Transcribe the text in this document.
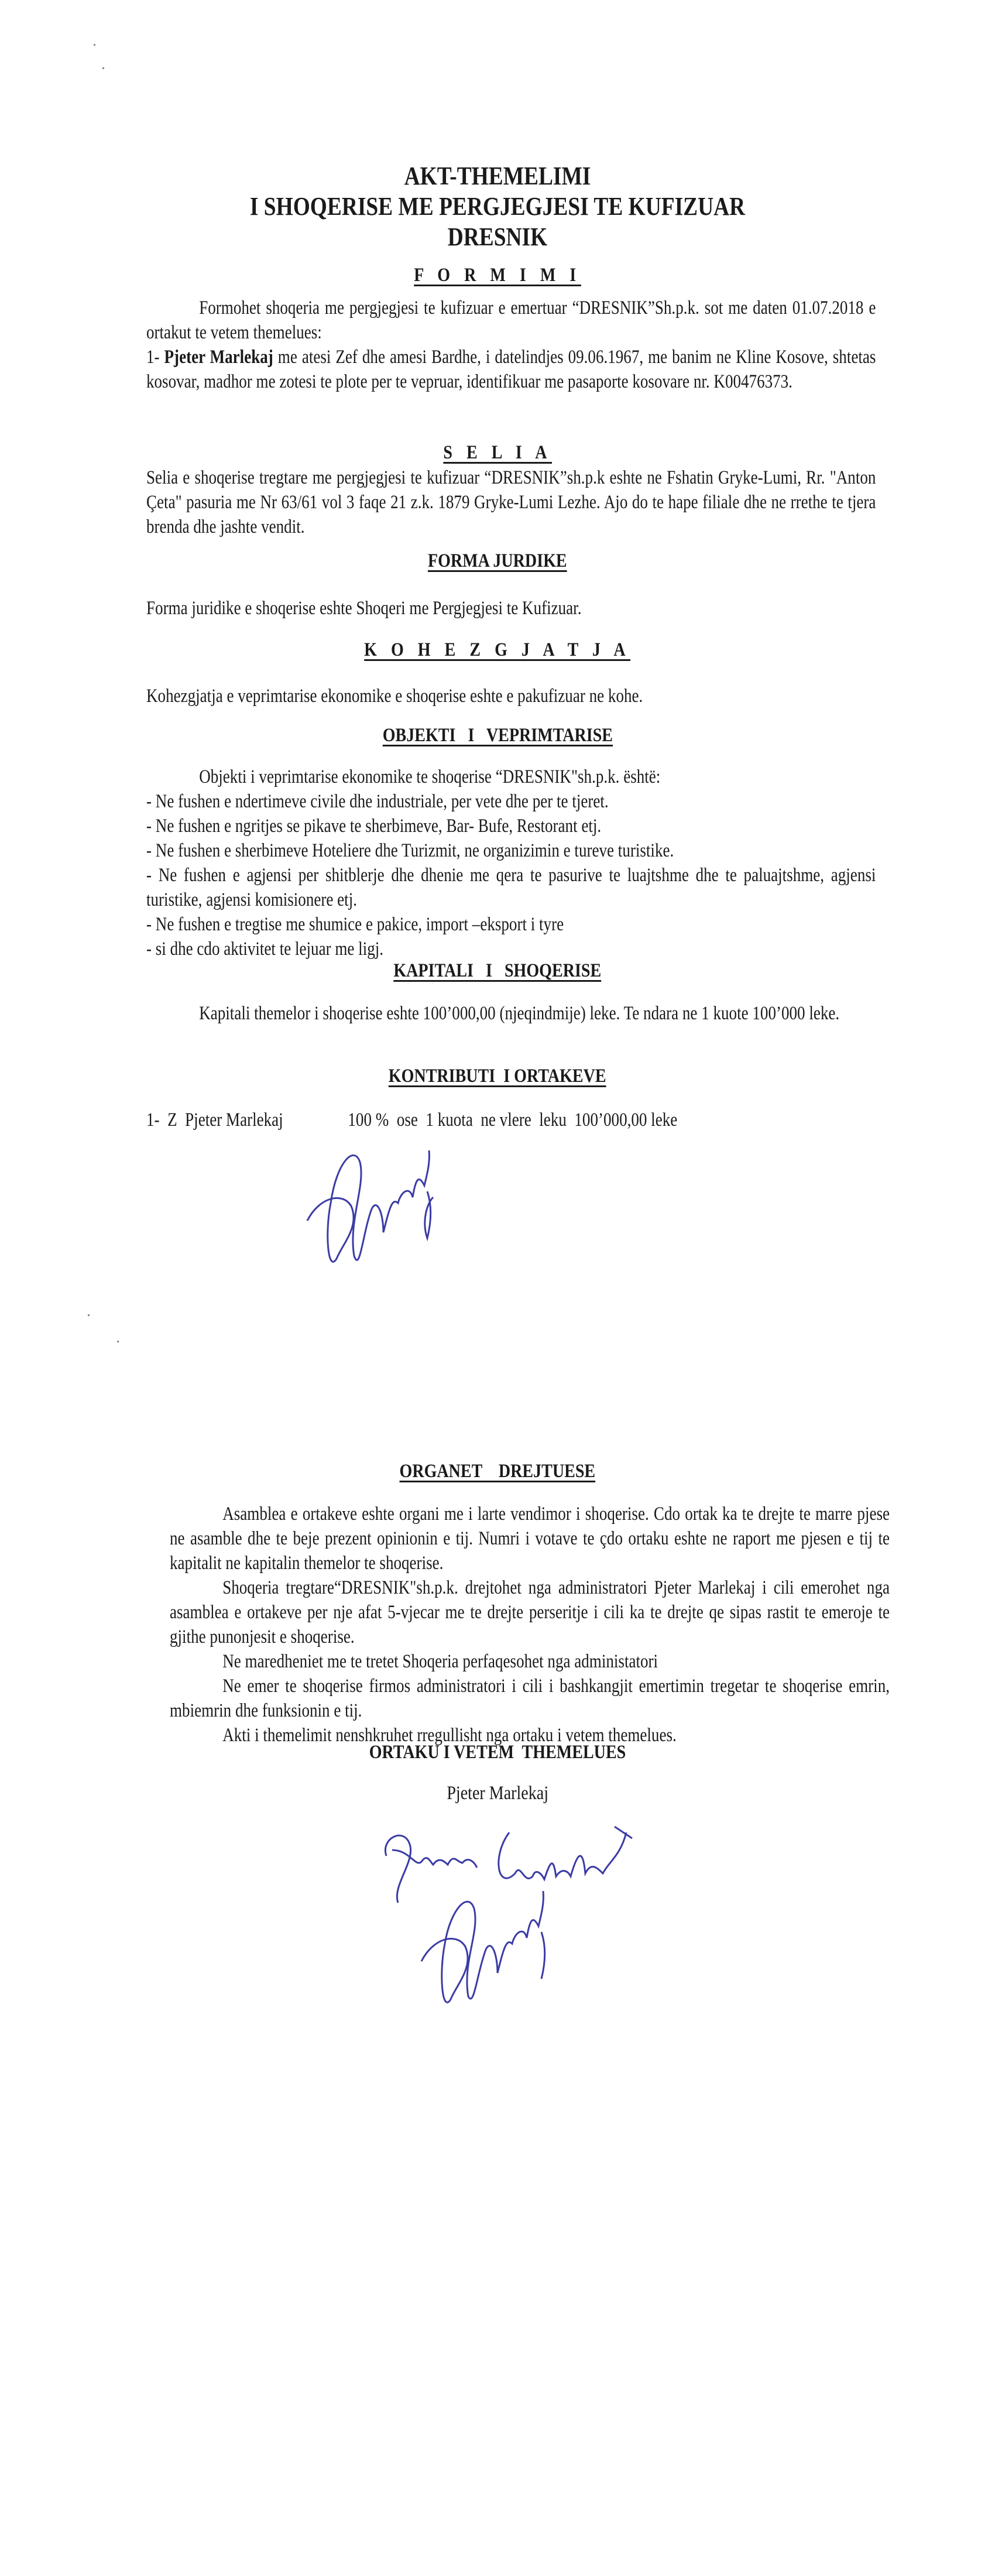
AKT-THEMELIMI
I SHOQERISE ME PERGJEGJESI TE KUFIZUAR
DRESNIK
F O R M I M I

Formohet shoqeria me pergjegjesi te kufizuar e emertuar “DRESNIK”Sh.p.k. sot me daten 01.07.2018 e ortakut te vetem themelues:

1- Pjeter Marlekaj me atesi Zef dhe amesi Bardhe, i datelindjes 09.06.1967, me banim ne Kline Kosove, shtetas kosovar, madhor me zotesi te plote per te vepruar, identifikuar me pasaporte kosovare nr. K00476373.

S E L I A

Selia e shoqerise tregtare me pergjegjesi te kufizuar “DRESNIK”sh.p.k eshte ne Fshatin Gryke-Lumi, Rr. "Anton Çeta" pasuria me Nr 63/61 vol 3 faqe 21 z.k. 1879 Gryke-Lumi Lezhe. Ajo do te hape filiale dhe ne rrethe te tjera brenda dhe jashte vendit.

FORMA JURDIKE

Forma juridike e shoqerise eshte Shoqeri me Pergjegjesi te Kufizuar.

K O H E Z G J A T J A

Kohezgjatja e veprimtarise ekonomike e shoqerise eshte e pakufizuar ne kohe.

OBJEKTI   I   VEPRIMTARISE

Objekti i veprimtarise ekonomike te shoqerise “DRESNIK"sh.p.k. është:

- Ne fushen e ndertimeve civile dhe industriale, per vete dhe per te tjeret.

- Ne fushen e ngritjes se pikave te sherbimeve, Bar- Bufe, Restorant etj.

- Ne fushen e sherbimeve Hoteliere dhe Turizmit, ne organizimin e tureve turistike.

- Ne fushen e agjensi per shitblerje dhe dhenie me qera te pasurive te luajtshme dhe te paluajtshme, agjensi turistike, agjensi komisionere etj.

- Ne fushen e tregtise me shumice e pakice, import –eksport i tyre

- si dhe cdo aktivitet te lejuar me ligj.

KAPITALI   I   SHOQERISE

Kapitali themelor i shoqerise eshte 100’000,00 (njeqindmije) leke. Te ndara ne 1 kuote 100’000 leke.

KONTRIBUTI  I ORTAKEVE
1-  Z  Pjeter Marlekaj	100 %  ose  1 kuota  ne vlere  leku  100’000,00 leke
ORGANET    DREJTUESE

Asamblea e ortakeve eshte organi me i larte vendimor i shoqerise. Cdo ortak ka te drejte te marre pjese ne asamble dhe te beje prezent opinionin e tij. Numri i votave te çdo ortaku eshte ne raport me pjesen e tij te kapitalit ne kapitalin themelor te shoqerise.

Shoqeria tregtare“DRESNIK"sh.p.k. drejtohet nga administratori Pjeter Marlekaj i cili emerohet nga asamblea e ortakeve per nje afat 5-vjecar me te drejte perseritje i cili ka te drejte qe sipas rastit te emeroje te gjithe punonjesit e shoqerise.

Ne maredheniet me te tretet Shoqeria perfaqesohet nga administatori

Ne emer te shoqerise firmos administratori i cili i bashkangjit emertimin tregetar te shoqerise emrin, mbiemrin dhe funksionin e tij.

Akti i themelimit nenshkruhet rregullisht nga ortaku i vetem themelues.

ORTAKU I VETEM  THEMELUES
Pjeter Marlekaj
